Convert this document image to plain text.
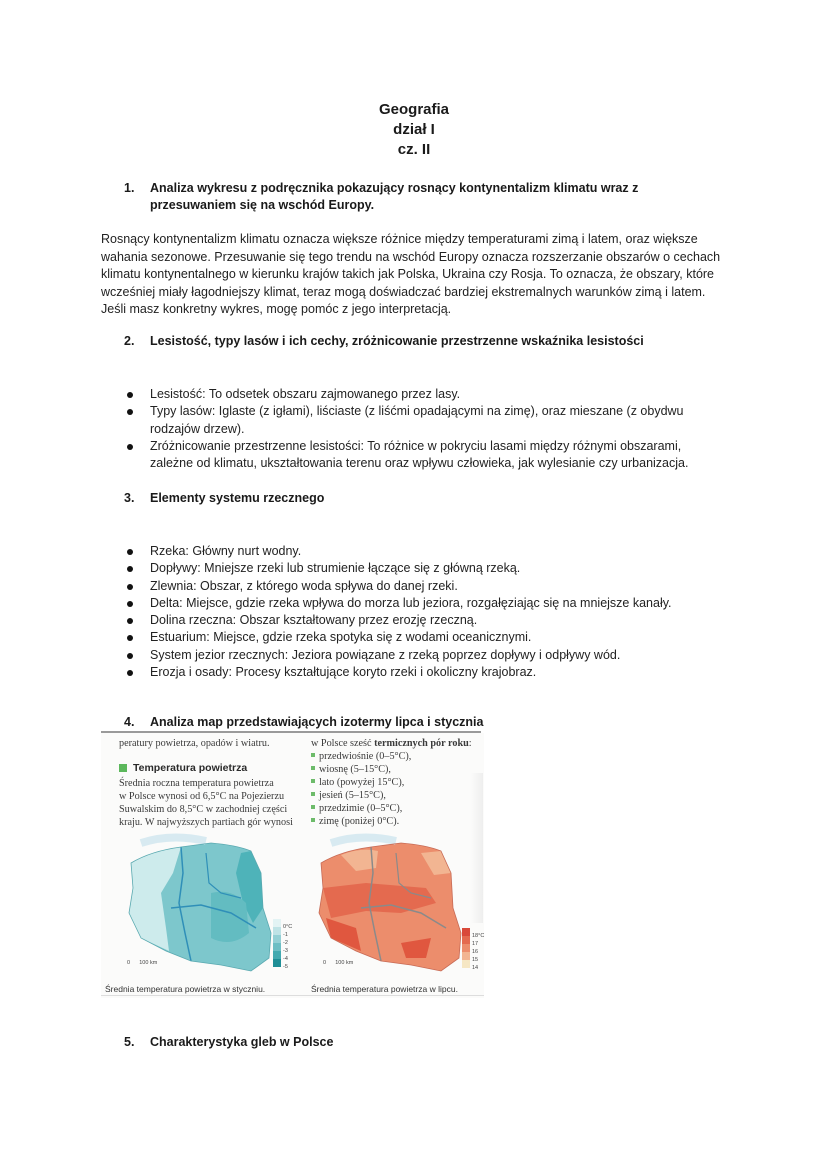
Geografia
dział I
cz. II
1. Analiza wykresu z podręcznika pokazujący rosnący kontynentalizm klimatu wraz z
przesuwaniem się na wschód Europy.
Rosnący kontynentalizm klimatu oznacza większe różnice między temperaturami zimą i latem, oraz większe
wahania sezonowe. Przesuwanie się tego trendu na wschód Europy oznacza rozszerzanie obszarów o cechach
klimatu kontynentalnego w kierunku krajów takich jak Polska, Ukraina czy Rosja. To oznacza, że obszary, które
wcześniej miały łagodniejszy klimat, teraz mogą doświadczać bardziej ekstremalnych warunków zimą i latem.
Jeśli masz konkretny wykres, mogę pomóc z jego interpretacją.
2. Lesistość, typy lasów i ich cechy, zróżnicowanie przestrzenne wskaźnika lesistości
Lesistość: To odsetek obszaru zajmowanego przez lasy.
Typy lasów: Iglaste (z igłami), liściaste (z liśćmi opadającymi na zimę), oraz mieszane (z obydwu
rodzajów drzew).
Zróżnicowanie przestrzenne lesistości: To różnice w pokryciu lasami między różnymi obszarami,
zależne od klimatu, ukształtowania terenu oraz wpływu człowieka, jak wylesianie czy urbanizacja.
3. Elementy systemu rzecznego
Rzeka: Główny nurt wodny.
Dopływy: Mniejsze rzeki lub strumienie łączące się z główną rzeką.
Zlewnia: Obszar, z którego woda spływa do danej rzeki.
Delta: Miejsce, gdzie rzeka wpływa do morza lub jeziora, rozgałęziając się na mniejsze kanały.
Dolina rzeczna: Obszar kształtowany przez erozję rzeczną.
Estuarium: Miejsce, gdzie rzeka spotyka się z wodami oceanicznymi.
System jezior rzecznych: Jeziora powiązane z rzeką poprzez dopływy i odpływy wód.
Erozja i osady: Procesy kształtujące koryto rzeki i okoliczny krajobraz.
4. Analiza map przedstawiających izotermy lipca i stycznia
peratury powietrza, opadów i wiatru.
Temperatura powietrza
Średnia roczna temperatura powietrza
w Polsce wynosi od 6,5°C na Pojezierzu
Suwalskim do 8,5°C w zachodniej części
kraju. W najwyższych partiach gór wynosi
w Polsce sześć termicznych pór roku:
przedwiośnie (0–5°C),
wiosnę (5–15°C),
lato (powyżej 15°C),
jesień (5–15°C),
przedzimie (0–5°C),
zimę (poniżej 0°C).
0°C
-1
-2
-3
-4
-5
0 100 km
Średnia temperatura powietrza w styczniu.
18°C
17
16
15
14
0 100 km
Średnia temperatura powietrza w lipcu.
5. Charakterystyka gleb w Polsce
